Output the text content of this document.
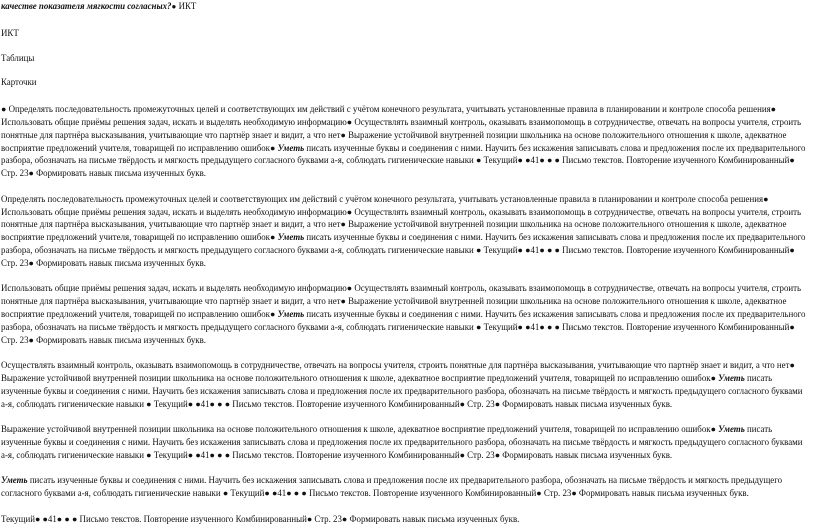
качестве показателя мягкости согласных?● ИКТ

ИКТ

Таблицы

Карточки

● Определять последовательность промежуточных целей и соответствующих им действий с учётом конечного результата, учитывать установленные правила в планировании и контроле способа решения● Использовать общие приёмы решения задач, искать и выделять необходимую информацию● Осуществлять взаимный контроль, оказывать взаимопомощь в сотрудничестве, отвечать на вопросы учителя, строить понятные для партнёра высказывания, учитывающие что партнёр знает и видит, а что нет● Выражение устойчивой внутренней позиции школьника на основе положительного отношения к школе, адекватное восприятие предложений учителя, товарищей по исправлению ошибок● Уметь писать изученные буквы и соединения с ними. Научить без искажения записывать слова и предложения после их предварительного разбора, обозначать на письме твёрдость и мягкость предыдущего согласного буквами а-я, соблюдать гигиенические навыки ● Текущий● ●41● ● ● Письмо текстов. Повторение изученного Комбинированный● Стр. 23● Формировать навык письма изученных букв.

Определять последовательность промежуточных целей и соответствующих им действий с учётом конечного результата, учитывать установленные правила в планировании и контроле способа решения● Использовать общие приёмы решения задач, искать и выделять необходимую информацию● Осуществлять взаимный контроль, оказывать взаимопомощь в сотрудничестве, отвечать на вопросы учителя, строить понятные для партнёра высказывания, учитывающие что партнёр знает и видит, а что нет● Выражение устойчивой внутренней позиции школьника на основе положительного отношения к школе, адекватное восприятие предложений учителя, товарищей по исправлению ошибок● Уметь писать изученные буквы и соединения с ними. Научить без искажения записывать слова и предложения после их предварительного разбора, обозначать на письме твёрдость и мягкость предыдущего согласного буквами а-я, соблюдать гигиенические навыки ● Текущий● ●41● ● ● Письмо текстов. Повторение изученного Комбинированный● Стр. 23● Формировать навык письма изученных букв.

Использовать общие приёмы решения задач, искать и выделять необходимую информацию● Осуществлять взаимный контроль, оказывать взаимопомощь в сотрудничестве, отвечать на вопросы учителя, строить понятные для партнёра высказывания, учитывающие что партнёр знает и видит, а что нет● Выражение устойчивой внутренней позиции школьника на основе положительного отношения к школе, адекватное восприятие предложений учителя, товарищей по исправлению ошибок● Уметь писать изученные буквы и соединения с ними. Научить без искажения записывать слова и предложения после их предварительного разбора, обозначать на письме твёрдость и мягкость предыдущего согласного буквами а-я, соблюдать гигиенические навыки ● Текущий● ●41● ● ● Письмо текстов. Повторение изученного Комбинированный● Стр. 23● Формировать навык письма изученных букв.

Осуществлять взаимный контроль, оказывать взаимопомощь в сотрудничестве, отвечать на вопросы учителя, строить понятные для партнёра высказывания, учитывающие что партнёр знает и видит, а что нет● Выражение устойчивой внутренней позиции школьника на основе положительного отношения к школе, адекватное восприятие предложений учителя, товарищей по исправлению ошибок● Уметь писать изученные буквы и соединения с ними. Научить без искажения записывать слова и предложения после их предварительного разбора, обозначать на письме твёрдость и мягкость предыдущего согласного буквами а-я, соблюдать гигиенические навыки ● Текущий● ●41● ● ● Письмо текстов. Повторение изученного Комбинированный● Стр. 23● Формировать навык письма изученных букв.

Выражение устойчивой внутренней позиции школьника на основе положительного отношения к школе, адекватное восприятие предложений учителя, товарищей по исправлению ошибок● Уметь писать изученные буквы и соединения с ними. Научить без искажения записывать слова и предложения после их предварительного разбора, обозначать на письме твёрдость и мягкость предыдущего согласного буквами а-я, соблюдать гигиенические навыки ● Текущий● ●41● ● ● Письмо текстов. Повторение изученного Комбинированный● Стр. 23● Формировать навык письма изученных букв.

Уметь писать изученные буквы и соединения с ними. Научить без искажения записывать слова и предложения после их предварительного разбора, обозначать на письме твёрдость и мягкость предыдущего согласного буквами а-я, соблюдать гигиенические навыки ● Текущий● ●41● ● ● Письмо текстов. Повторение изученного Комбинированный● Стр. 23● Формировать навык письма изученных букв.

Текущий● ●41● ● ● Письмо текстов. Повторение изученного Комбинированный● Стр. 23● Формировать навык письма изученных букв.
